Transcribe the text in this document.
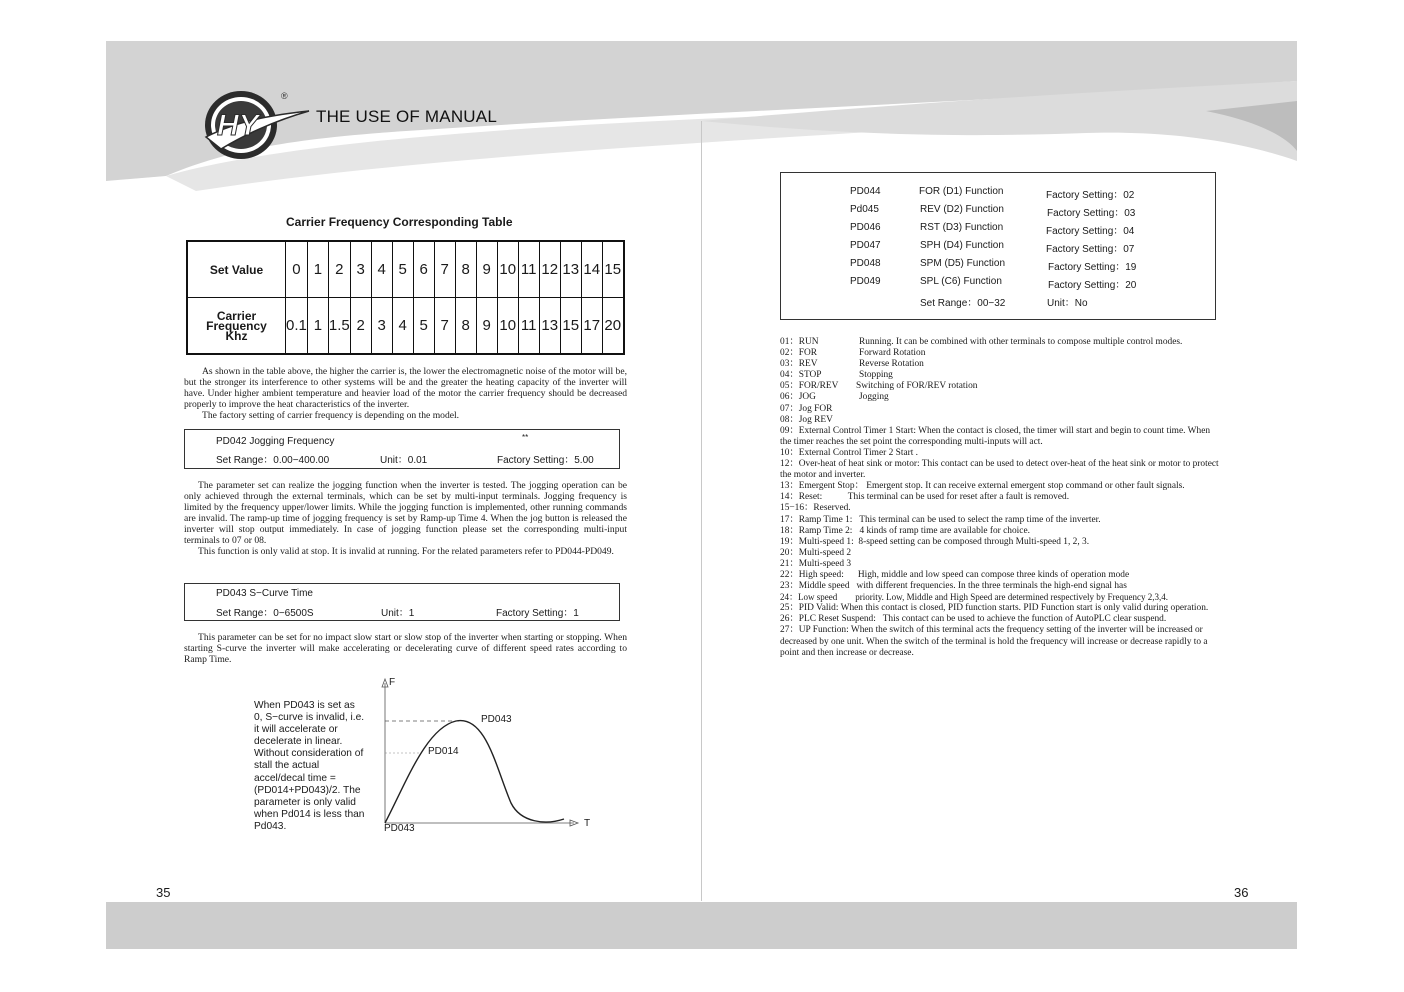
HY
®
THE USE OF MANUAL
Carrier Frequency Corresponding Table
Set Value	0	1	2	3	4	5	6	7	8	9	10	11	12	13	14	15

Carrier
Frequency
Khz	0.1	1	1.5	2	3	4	5	7	8	9	10	11	13	15	17	20
As shown in the table above, the higher the carrier is, the lower the electromagnetic noise of the motor will be, but the stronger its interference to other systems will be and the greater the heating capacity of the inverter will have. Under higher ambient temperature and heavier load of the motor the carrier frequency should be decreased properly to improve the heat characteristics of the inverter.
The factory setting of carrier frequency is depending on the model.
PD042 Jogging Frequency	**
Set Range：0.00−400.00	Unit：0.01	Factory Setting：5.00
The parameter set can realize the jogging function when the inverter is tested. The jogging operation can be only achieved through the external terminals, which can be set by multi-input terminals. Jogging frequency is limited by the frequency upper/lower limits. While the jogging function is implemented, other running commands are invalid. The ramp-up time of jogging frequency is set by Ramp-up Time 4. When the jog button is released the inverter will stop output immediately. In case of jogging function please set the corresponding multi-input terminals to 07 or 08.
This function is only valid at stop. It is invalid at running. For the related parameters refer to PD044-PD049.
PD043 S−Curve Time
Set Range：0−6500S	Unit：1	Factory Setting：1
This parameter can be set for no impact slow start or slow stop of the inverter when starting or stopping. When starting S-curve the inverter will make accelerating or decelerating curve of different speed rates according to Ramp Time.
When PD043 is set as 0, S−curve is invalid, i.e. it will accelerate or decelerate in linear. Without consideration of stall the actual accel/decal time = (PD014+PD043)/2. The parameter is only valid when Pd014 is less than Pd043.
F
T
PD043
PD014
PD043
35
PD044	FOR (D1) Function	Factory Setting：02
Pd045	REV (D2) Function	Factory Setting：03
PD046	RST (D3) Function	Factory Setting：04
PD047	SPH (D4) Function	Factory Setting：07
PD048	SPM (D5) Function	Factory Setting：19
PD049	SPL (C6) Function	Factory Setting：20
Set Range：00−32	Unit：No
01：RUN	Running. It can be combined with other terminals to compose multiple control modes.
02：FOR	Forward Rotation
03：REV	Reverse Rotation
04：STOP	Stopping
05：FOR/REV Switching of FOR/REV rotation
06：JOG	Jogging
07：Jog FOR
08：Jog REV
09：External Control Timer 1 Start: When the contact is closed, the timer will start and begin to count time. When the timer reaches the set point the corresponding multi-inputs will act.
10：External Control Timer 2 Start .
12：Over-heat of heat sink or motor: This contact can be used to detect over-heat of the heat sink or motor to protect the motor and inverter.
13：Emergent Stop： Emergent stop. It can receive external emergent stop command or other fault signals.
14：Reset:           This terminal can be used for reset after a fault is removed.
15−16：Reserved.
17：Ramp Time 1:   This terminal can be used to select the ramp time of the inverter.
18：Ramp Time 2:   4 kinds of ramp time are available for choice.
19：Multi-speed 1:  8-speed setting can be composed through Multi-speed 1, 2, 3.
20：Multi-speed 2
21：Multi-speed 3
22：High speed:      High, middle and low speed can compose three kinds of operation mode
23：Middle speed   with different frequencies. In the three terminals the high-end signal has
24：Low speed        priority. Low, Middle and High Speed are determined respectively by Frequency 2,3,4.
25：PID Valid: When this contact is closed, PID function starts. PID Function start is only valid during operation.
26：PLC Reset Suspend:   This contact can be used to achieve the function of AutoPLC clear suspend.
27：UP Function: When the switch of this terminal acts the frequency setting of the inverter will be increased or decreased by one unit. When the switch of the terminal is hold the frequency will increase or decrease rapidly to a point and then increase or decrease.
36
